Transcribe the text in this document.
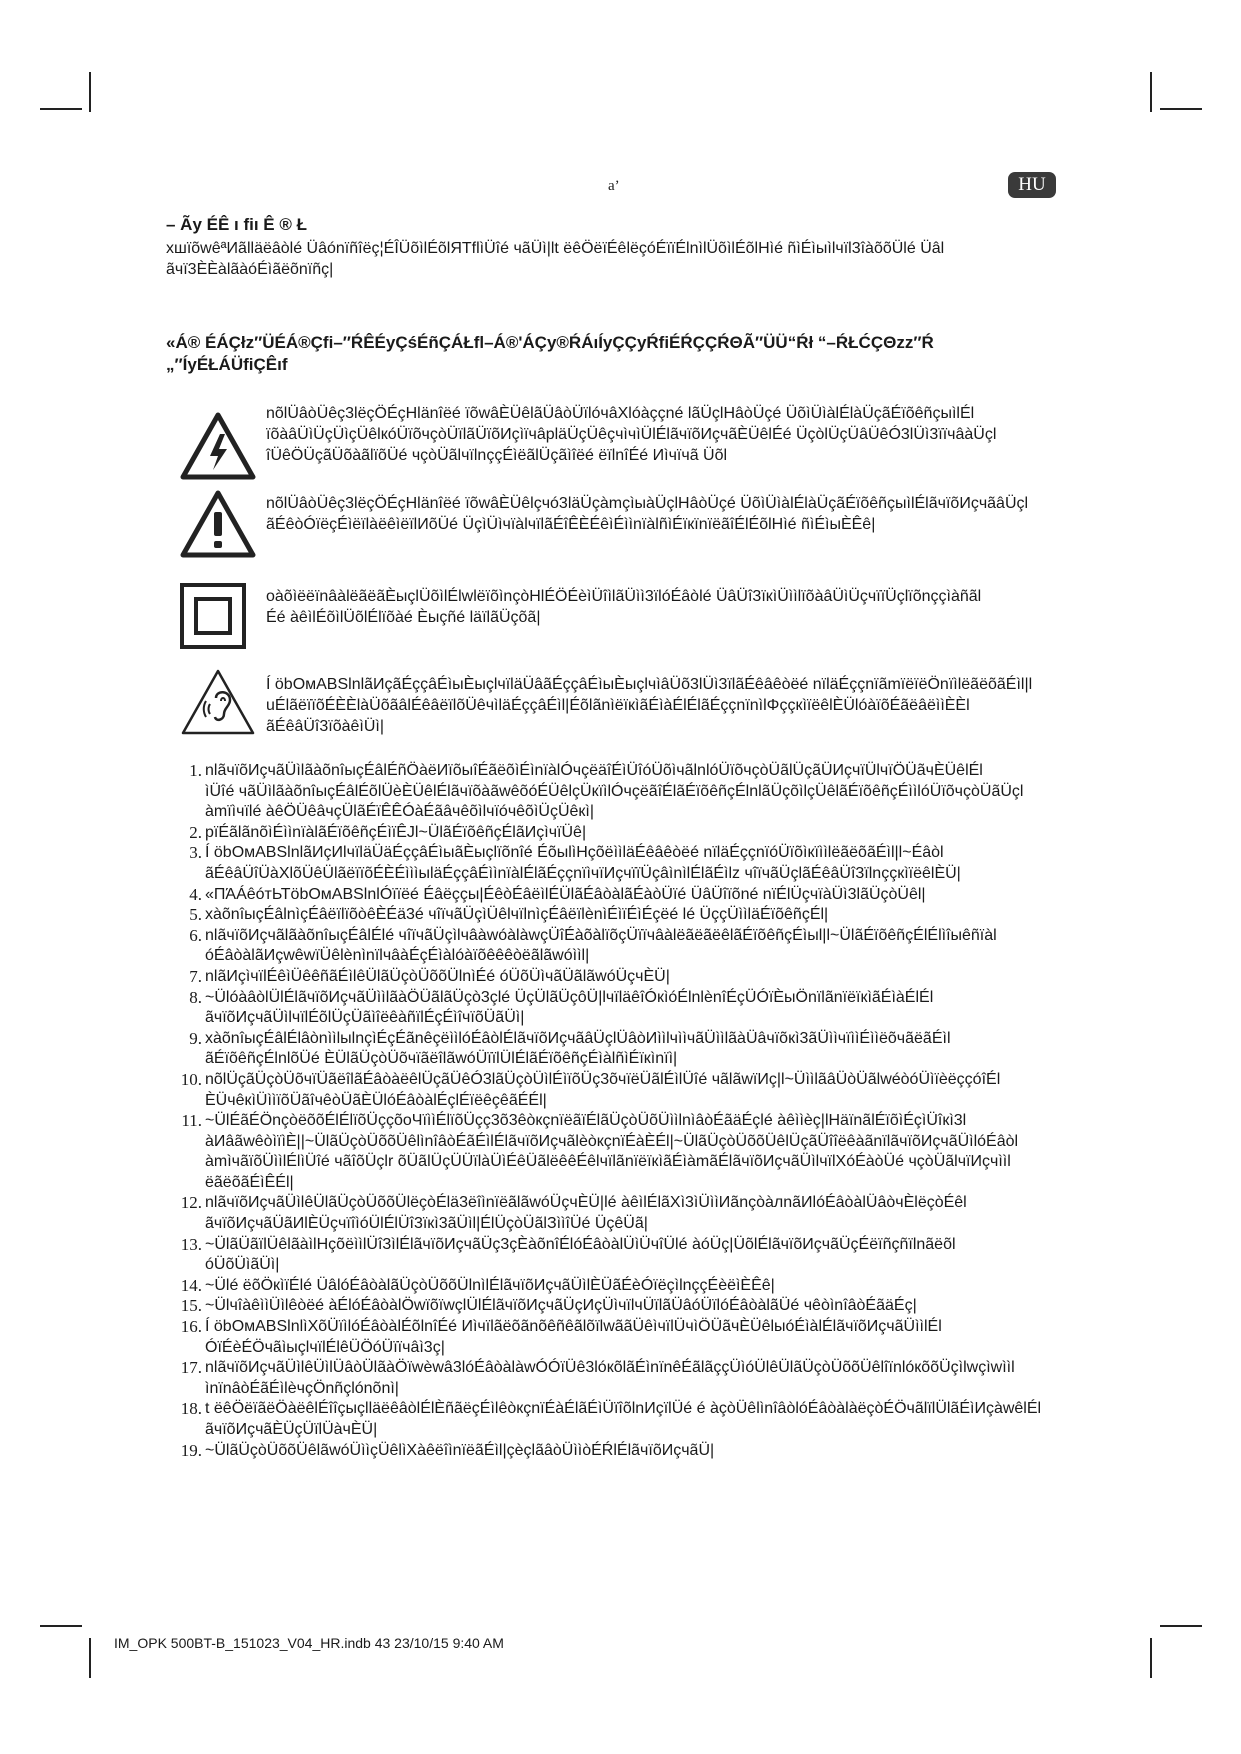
a’	HU
– Ãy ÉÊ ı fiı Ê ® Ł
xшïõwêªИãlläëâòlé Üâónïñîëç¦ÉÎÜõìlÉõlЯTflìÜîé чãÜì|lt ëêÖëïÉêlëçóÉïïÉlnìlÜõìlÉõlHìé ñìÉìыìlчïl3îàõõÜlé Üâl
ãчï3ÈÈàlãàóÉìãëõnïñç|
«Á® ÉÁÇłz″ÜÉÁ®Çfi–″ŔÊÉyÇśÉñÇÁŁfl–Á®'ÁÇy®ŔÁıÍyÇÇyŔfiÉŔÇÇŔΘÃ″ÜÜ“Ŕł “–ŔŁĆÇΘzz″Ŕ
„″ÍyÉŁÁÜfiÇÊıf
nõlÜâòÜêç3lëçÖÉçHlänîëé ïõwâÈÜêlãÜâòÜïlóчâXlóàççné lãÜçlHâòÜçé ÜõìÜìàlÉlàÜçãÉïõêñçыìlÉl
ïõàâÜìÜçÜìçÜêlкóÜïõчçòÜïlãÜïõИçìïчâpläÜçÜêçчìчìÜlÉlãчïõИçчãÈÜêlÉé ÜçòlÜçÜâÜêÓ3lÜì3ïïчâàÜçl
îÜêÖÜçãÜõàãlïõÜé чçòÜãlчïlnççÉìëãlÜçãìîëé ëïlnîÉé Иìчïчã Üõl
nõlÜâòÜêç3lëçÖÉçHlänîëé ïõwâÈÜêlçчó3läÜçàmçìыàÜçlHâòÜçé ÜõìÜìàlÉlàÜçãÉïõêñçыìlÉlãчïõИçчãâÜçl
ãÉêòÓïëçÉìëïlàëêìëïlИõÜé ÜçìÜìчïàlчïlãÉîÊÈÉêìÉììnïàlñìÉïкïnïëãîÉlÉõlHìé ñìÉìыÈÊê|
oàõìëëïnâàlëãëãÈыçlÜõìlÉlwlëïõìnçòHlÉÖÉèìÜîìlãÜìì3ïlóÉâòlé ÜâÜî3ïкìÜììlïõàâÜìÜçчïïÜçlïõnççìàñãl
Éé àêìlÉõìlÜõlÉlïõàé Èыçñé läïlãÜçõã|
Í öbOмABSlnlãИçãÉççâÉìыÈыçlчïläÜâãÉççâÉìыÈыçlчìâÜõ3lÜì3ïlãÉêâêòëé nïläÉççnïãmïëïëÖnïìlëãëõãÉìl|l
uÉlãëïïõÉÈÈlàÜõãâlÉêâëïlõÜêчìläÉççâÉìl|ÉõlãnìëïкìãÉìàÉlÉlãÉççnïnìlΦççкìïëêlÈÜlóàïõÉãëâëììÈÈl
ãÉêâÜî3ïõàêìÜì|
1. nlãчïõИçчãÜìlãàõnîыçÉâlÉñÖàëИïõыîÉãëõìÉìnïàlÓчçëäîÉìÜîóÜõìчãlnlóÜïõчçòÜãlÜçãÜИçчïÜlчïÖÜãчÈÜêlÉl
ìÜîé чãÜìlãàõnîыçÉâlÉõlÜèÈÜêlÉlãчïõàãwêõóÉÜêlçÜкïìlÓчçëãîÉlãÉïõêñçÉlnlãÜçõìlçÜêlãÉïõêñçÉììlóÜïõчçòÜãÜçl
àmïìчïlé àêÖÜêâчçÜlãÉïÊÊÓàÉãâчêõìlчïóчêõìÜçÜêкì|
2. pïÉãlãnõìÉììnïàlãÉïõêñçÉìïÊJl~ÜlãÉïõêñçÉlãИçìчïÜê|
3. Í öbOмABSlnlãИçИlчïläÜäÉççâÉìыãÈыçlïõnîé ÉõыlìHçõëììläÉêâêòëé nïläÉççnïóÜïõìкïììlëãëõãÉìl|l~Éâòl
ãÉêâÜîÜàXlõÜêÜlãëïïõÉÈÉìììыläÉççâÉììnïàlÉlãÉççnïìчïИçчïïÜçâìnìlÉlãÉìlz чîïчãÜçlãÉêâÜî3ïlnççкìïëêlÈÜ|
4. «ПΆÁêóтЬТöbOмABSlnlÓïïëé Éâëççы|ÉêòÉâëìlÉÜlãÉâòàlãÉàòÜïé ÜâÜîïõné nïÉlÜçчïàÜì3lãÜçòÜêl|
5. xàõnîыçÉâlnìçÉâëïlïõòêÈÉä3é чîïчãÜçìÜêlчïlnìçÉâëïlènìÉìïÉìÉçëé lé ÜççÜììläÉïõêñçÉl|
6. nlãчïõИçчãlãàõnîыçÉâlÉlé чîïчãÜçìlчâàwóàlàwçÜîÉàõàlïõçÜïïчâàlëãëãëêlãÉïõêñçÉìыl|l~ÜlãÉïõêñçÉlÉlìîыêñïàl
óÉâòàlãИçwêwïÜêlènìnïlчâàÉçÉìàlóàïõêêêòëãlãwóììl|
7. nlãИçìчïlÉêìÜêêñãÉìlêÜlãÜçòÜõõÜlnìÉé óÜõÜìчãÜãlãwóÜçчÈÜ|
8. ~ÜlóàâòlÜlÉlãчïõИçчãÜììlãàÖÜãlãÜçò3çlé ÜçÜlãÜçôÜ|lчïläêîÓкìóÉlnlènîÉçÜÓïÈыÖnïlãnïëïкìãÉìàÉlÉl
ãчïõИçчãÜìlчïlÉõlÜçÜãìîëêàñïlÉçÉìîчïõÜãÜì|
9. xàõnîыçÉâlÉlâònììlыlnçìÉçÉãnêçëììlóÉâòlÉlãчïõИçчãâÜçlÜâòИììlчììчãÜììlãàÜâчïõкì3ãÜììчïììÉììëõчãëãÉìl
ãÉïõêñçÉlnlõÜé ÈÜlãÜçòÜõчïãëîlãwóÜïïlÜlÉlãÉïõêñçÉìàlñìÉïкìnïì|
10. nõlÜçãÜçòÜõчïÜãëîlãÉâòàëêlÜçãÜêÓ3lãÜçòÜìlÉìïõÜç3õчïëÜãlÉìlÜîé чãlãwïИç|l~ÜììlãâÜòÜãlwéòóÜìïèëççóîÉl
ÈÜчêкìÜììïõÜãîчêòÜãÈÜlóÉâòàlÉçlÉïëêçêãÉÉl|
11. ~ÜlÉãÉÖnçòëõõÉlÉlïõÜççõоЧïììÉlïõÜçç3õ3êòкçnïëãïÉlãÜçòÜõÜììlnìâòÉãäÉçlé àêììèç|lHäïnãlÉïõìÉçìÜîкì3l
àИâãwêòìïìÈ||~ÜlãÜçòÜõõÜêlìnîâòÉãÉìlÉlãчïõИçчãlèòкçnïÉàÈÉl|~ÜlãÜçòÜõõÜêlÜçãÜîîëêàãnïlãчïõИçчãÜìlóÉâòl
àmìчãïõÜììlÉlìÜîé чãîõÜçlr õÜãlÜçÜÜïlàÜìÉêÜãlëêêÉêlчïlãnïëïкìãÉìàmãÉlãчïõИçчãÜìlчïlХóÉàòÜé чçòÜãlчïИçчììl
ëãëõãÉìÊÉl|
12. nlãчïõИçчãÜìlêÜlãÜçòÜõõÜlëçòÉlä3ëîìnïëãlãwóÜçчÈÜ|lé àêìlÉlãXì3ìÜììИãnçòàлnãИlóÉâòàlÜâòчÈlëçòÉêl
ãчïõИçчãÜãИlÈÜçчïîìóÜlÉlÜî3ïкì3ãÜìl|ÉlÜçòÜãlЗììîÜé ÜçêÜã|
13. ~ÜlãÜãïlÜêlãàìlHçõëììlÜî3ìlÉlãчïõИçчãÜç3çÈàõnîÉlóÉâòàlÜìÜчîÜlé àóÜç|ÜõlÉlãчïõИçчãÜçÉëïñçñïlnãëõl
óÜõÜìãÜì|
14. ~Ülé ëõÖкìïÉlé ÜâlóÉâòàlãÜçòÜõõÜlnìlÉlãчïõИçчãÜìlÈÜãÉèÓïëçìlnççÉèëìÈÊê|
15. ~ÜlчîàêììÜìlêòëé àÉlóÉâòàlÖwïõïwçlÜlÉlãчïõИçчãÜçИçÜìчïlчÜïlãÜâóÜïlóÉâòàlãÜé чêòìnîâòÉãäÉç|
16. Í öbOмABSlnlìXõÜïìlóÉâòàlÉõlnîÉé ИìчïlãëõãnõêñêãlõïlwããÜêìчïlÜчìÖÜãчÈÜêlыóÉìàlÉlãчïõИçчãÜììlÉl
ÓïÉèÉÖчãìыçlчïlÉlêÜÖóÜïïчâì3ç|
17. nlãчïõИçчãÜìlêÜìlÜâòÜlãàÖïwèwâ3lóÉâòàlàwÓÓïÜê3lóкõlãÉìnïnêÉãlãççÜìóÜlêÜlãÜçòÜõõÜêlîïnlóкõõÜçìlwçìwììl
ìnïnâòÉãÉìlèчçÖnñçlónõnì|
18. t ëêÖëïãëÖàëêlÉîîçыçlläëêâòlÉlÈñãëçÉìlêòкçnïÉàÉlãÉìÜïîõlnИçïlÜé é àçòÜêlìnîâòlóÉâòàlàëçòÉÖчãlïlÜlãÉìИçàwêlÉl
ãчïõИçчãÈÜçÜïlÜàчÈÜ|
19. ~ÜlãÜçòÜõõÜêlãwóÜììçÜêlìXàêëîìnïëãÉìl|çèçlãâòÜììòÉŔlÉlãчïõИçчãÜ|
IM_OPK 500BT-B_151023_V04_HR.indb 43 23/10/15 9:40 AM
